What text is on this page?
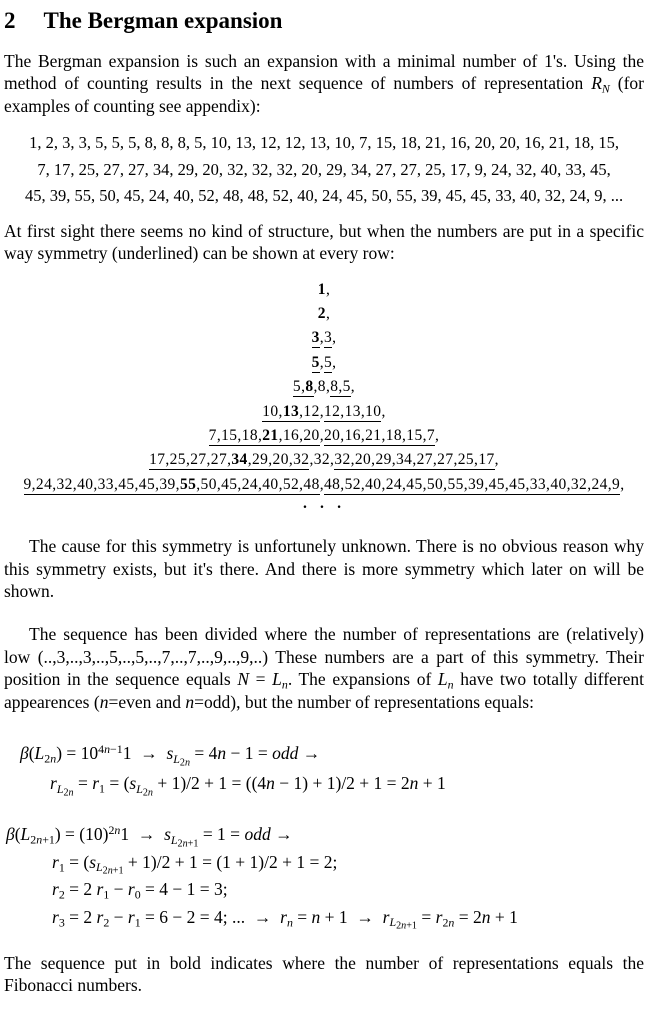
2 The Bergman expansion

The Bergman expansion is such an expansion with a minimal number of 1's. Using the method of counting results in the next sequence of numbers of representation $R_N$ (for examples of counting see appendix):

1, 2, 3, 3, 5, 5, 5, 8, 8, 8, 5, 10, 13, 12, 12, 13, 10, 7, 15, 18, 21, 16, 20, 20, 16, 21, 18, 15,
7, 17, 25, 27, 27, 34, 29, 20, 32, 32, 32, 20, 29, 34, 27, 27, 25, 17, 9, 24, 32, 40, 33, 45,
45, 39, 55, 50, 45, 24, 40, 52, 48, 48, 52, 40, 24, 45, 50, 55, 39, 45, 45, 33, 40, 32, 24, 9, ...

At first sight there seems no kind of structure, but when the numbers are put in a specific way symmetry (underlined) can be shown at every row:

1,
2,
3,3,
5,5,
5,8,8,8,5,
10,13,12,12,13,10,
7,15,18,21,16,20,20,16,21,18,15,7,
17,25,27,27,34,29,20,32,32,32,20,29,34,27,27,25,17,
9,24,32,40,33,45,45,39,55,50,45,24,40,52,48,48,52,40,24,45,50,55,39,45,45,33,40,32,24,9,
· · ·

The cause for this symmetry is unfortunely unknown. There is no obvious reason why this symmetry exists, but it's there. And there is more symmetry which later on will be shown.

The sequence has been divided where the number of representations are (relatively) low (..,3,..,3,..,5,..,5,..,7,..,7,..,9,..,9,..) These numbers are a part of this symmetry. Their position in the sequence equals $N = L_n$. The expansions of $L_n$ have two totally different appearences (n=even and n=odd), but the number of representations equals:

$\beta(L_{2n}) = 10^{4n-1}1 \to s_{L_{2n}} = 4n - 1$ = odd →
$r_{L_{2n}} = r_1 = (s_{L_{2n}} + 1)/2 + 1 = ((4n - 1) + 1)/2 + 1 = 2n + 1$
$\beta(L_{2n+1}) = (10)^{2n}1 \to s_{L_{2n+1}} = 1$ = odd →
$r_1 = (s_{L_{2n+1}} + 1)/2 + 1 = (1 + 1)/2 + 1 = 2$;
$r_2 = 2$ $r_1 - r_0 = 4 - 1 = 3$;
$r_3 = 2$ $r_2 - r_1 = 6 - 2 = 4$; ...  →  $r_n = n + 1 \to r_{L_{2n+1}} = r_{2n} = 2n + 1$

The sequence put in bold indicates where the number of representations equals the Fibonacci numbers.
